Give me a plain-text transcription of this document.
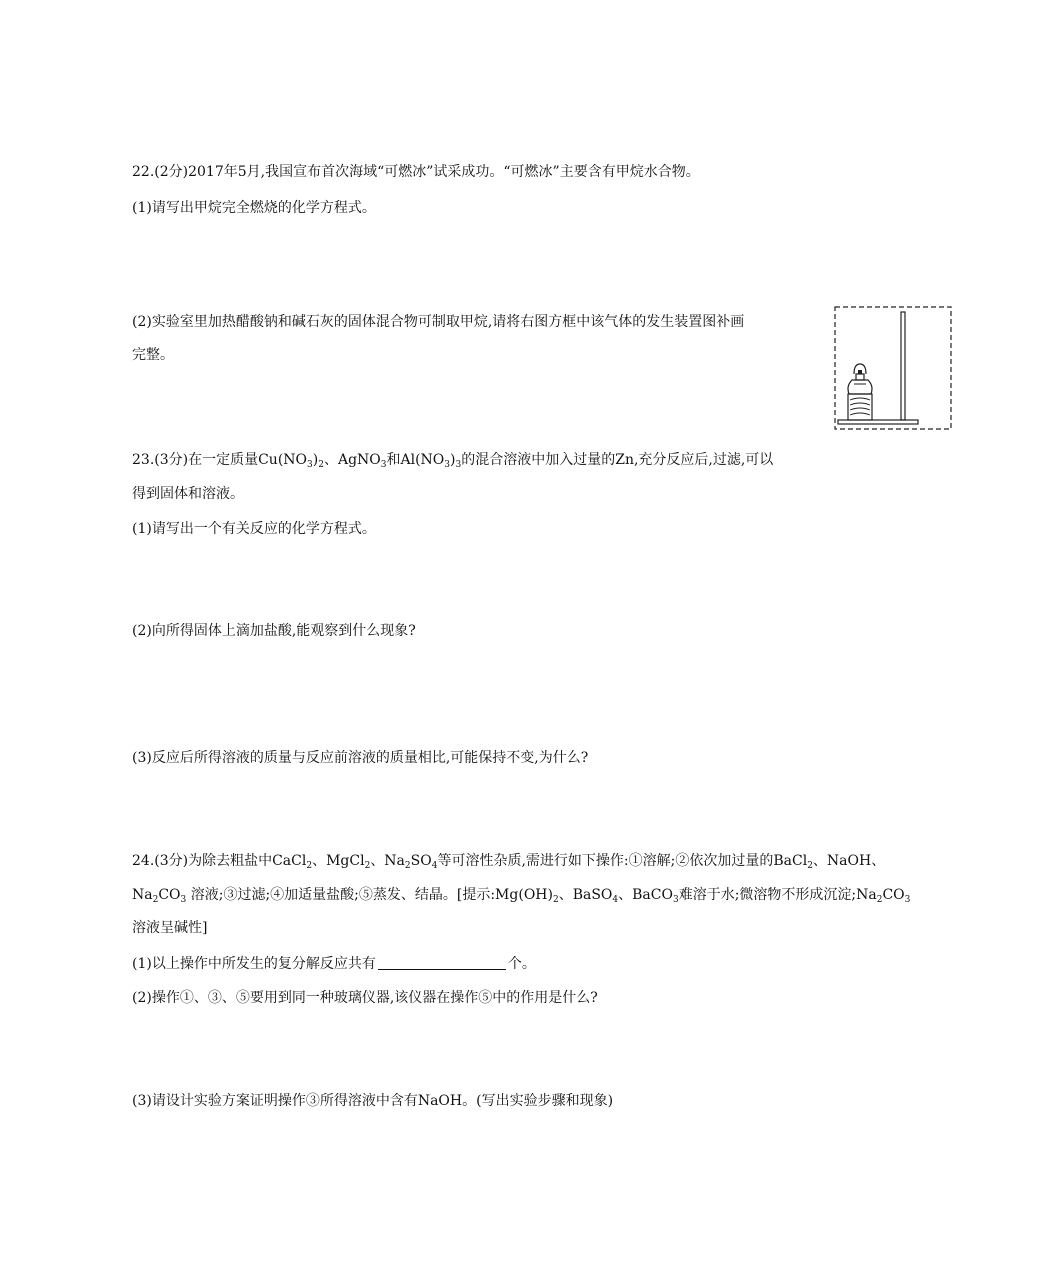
22.(2分)2017年5月,我国宣布首次海域“可燃冰”试采成功。“可燃冰”主要含有甲烷水合物。
(1)请写出甲烷完全燃烧的化学方程式。
(2)实验室里加热醋酸钠和碱石灰的固体混合物可制取甲烷,请将右图方框中该气体的发生装置图补画
完整。
23.(3分)在一定质量$Cu(NO_3)_2$、AgNO$_3$和$Al(NO_3)_3$的混合溶液中加入过量的Zn,充分反应后,过滤,可以
得到固体和溶液。
(1)请写出一个有关反应的化学方程式。
(2)向所得固体上滴加盐酸,能观察到什么现象?
(3)反应后所得溶液的质量与反应前溶液的质量相比,可能保持不变,为什么?
24.(3分)为除去粗盐中CaCl$_2$、MgCl$_2$、$Na_2SO_4$等可溶性杂质,需进行如下操作:①溶解;②依次加过量的BaCl$_2$、NaOH、
$Na_2CO_3$ 溶液;③过滤;④加适量盐酸;⑤蒸发、结晶。[提示$:Mg(OH)_2$、BaSO$_4$、BaCO$_3$难溶于水;微溶物不形成沉淀$;Na_2CO_3$
溶液呈碱性]
(1)以上操作中所发生的复分解反应共有	个。
(2)操作①、③、⑤要用到同一种玻璃仪器,该仪器在操作⑤中的作用是什么?
(3)请设计实验方案证明操作③所得溶液中含有NaOH。(写出实验步骤和现象)
